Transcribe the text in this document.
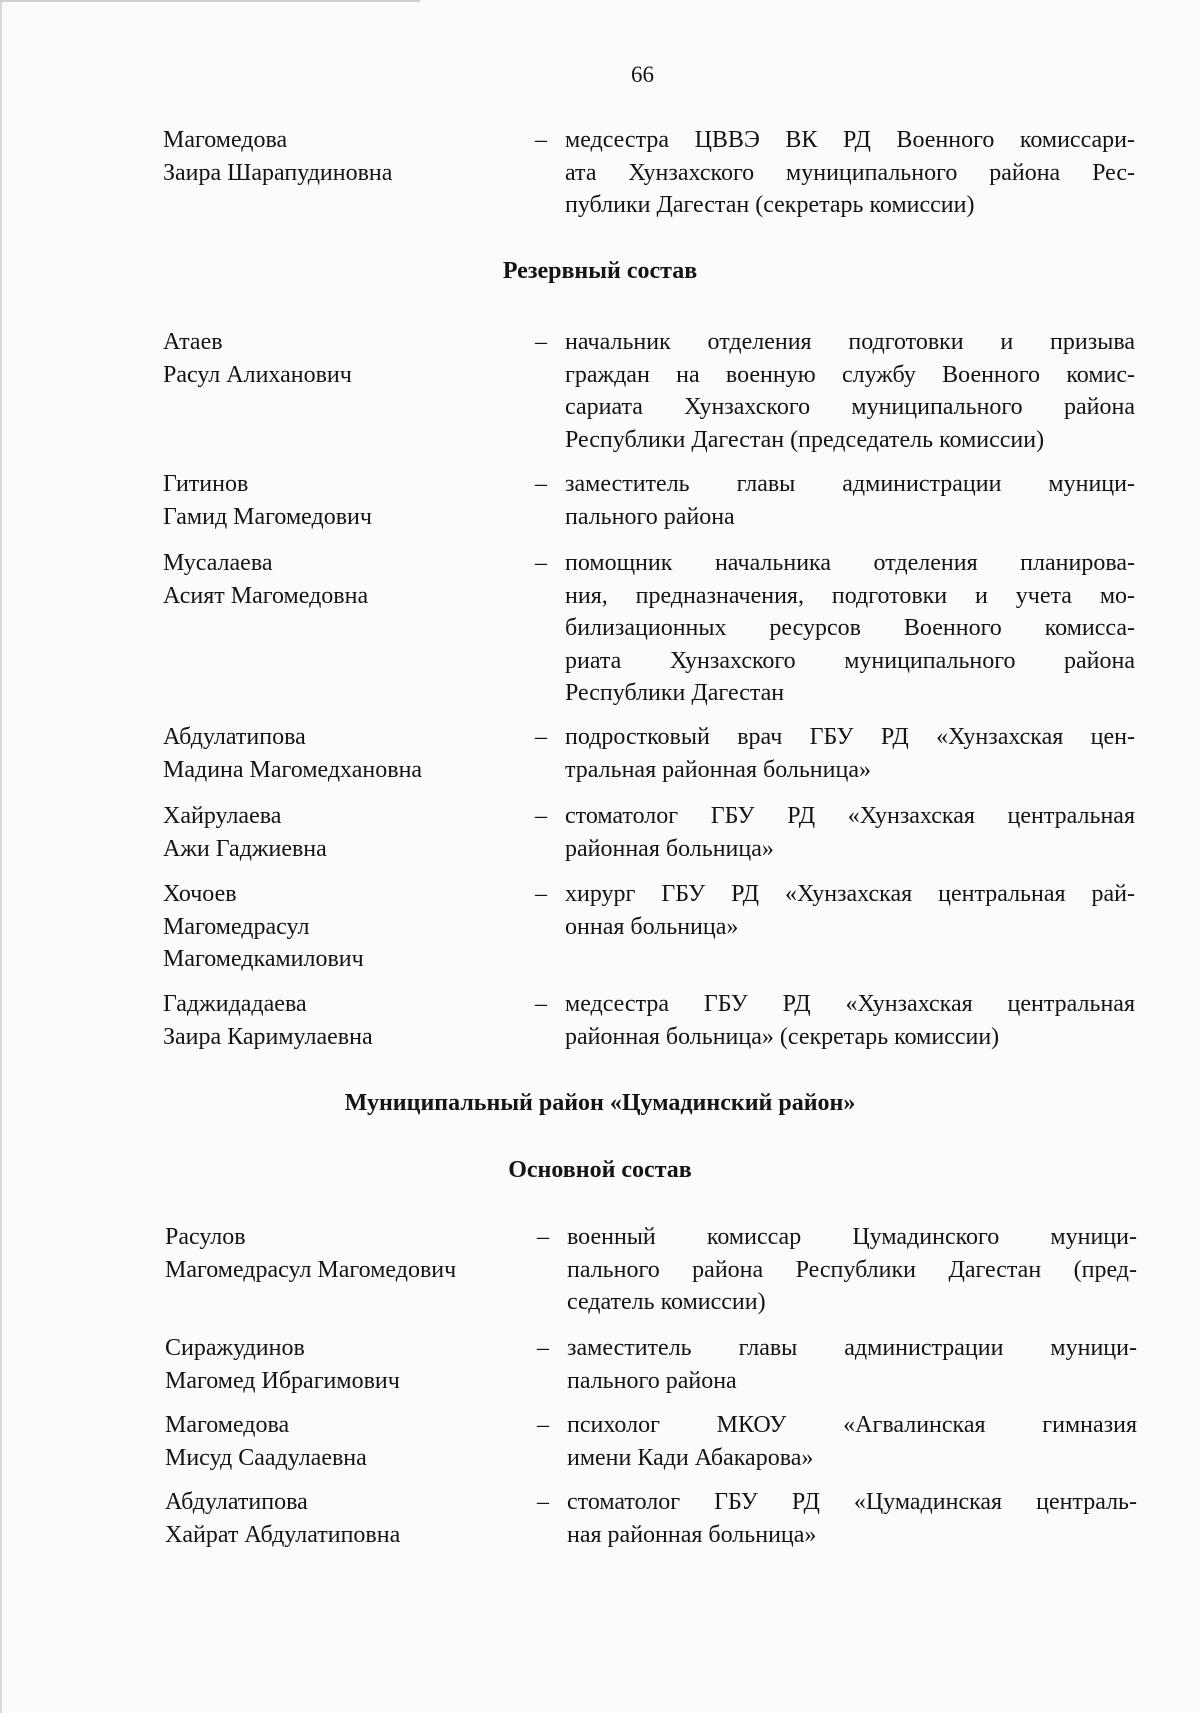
66
Магомедова
Заира Шарапудиновна
– медсестра ЦВВЭ ВК РД Военного комиссари-
ата Хунзахского муниципального района Рес-
публики Дагестан (секретарь комиссии)
Резервный состав
Атаев
Расул Алиханович
– начальник отделения подготовки и призыва
граждан на военную службу Военного комис-
сариата Хунзахского муниципального района
Республики Дагестан (председатель комиссии)
Гитинов
Гамид Магомедович
– заместитель главы администрации муници-
пального района
Мусалаева
Асият Магомедовна
– помощник начальника отделения планирова-
ния, предназначения, подготовки и учета мо-
билизационных ресурсов Военного комисса-
риата Хунзахского муниципального района
Республики Дагестан
Абдулатипова
Мадина Магомедхановна
– подростковый врач ГБУ РД «Хунзахская цен-
тральная районная больница»
Хайрулаева
Ажи Гаджиевна
– стоматолог ГБУ РД «Хунзахская центральная
районная больница»
Хочоев
Магомедрасул
Магомедкамилович
– хирург ГБУ РД «Хунзахская центральная рай-
онная больница»
Гаджидадаева
Заира Каримулаевна
– медсестра ГБУ РД «Хунзахская центральная
районная больница» (секретарь комиссии)
Муниципальный район «Цумадинский район»
Основной состав
Расулов
Магомедрасул Магомедович
– военный комиссар Цумадинского муници-
пального района Республики Дагестан (пред-
седатель комиссии)
Сиражудинов
Магомед Ибрагимович
– заместитель главы администрации муници-
пального района
Магомедова
Мисуд Саадулаевна
– психолог МКОУ «Агвалинская гимназия
имени Кади Абакарова»
Абдулатипова
Хайрат Абдулатиповна
– стоматолог ГБУ РД «Цумадинская централь-
ная районная больница»
